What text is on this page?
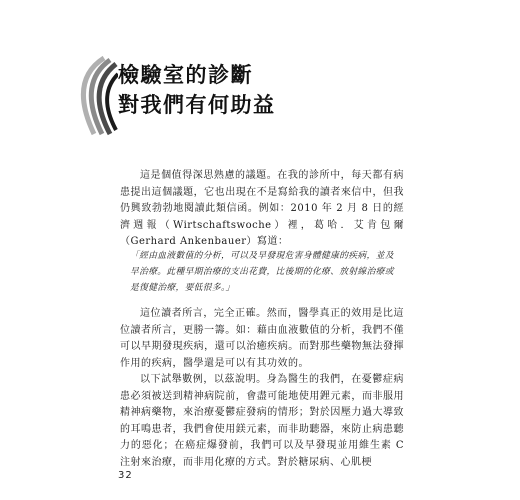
檢驗室的診斷
對我們有何助益

這是個值得深思熟慮的議題。在我的診所中，每天都有病患提出這個議題，它也出現在不是寫給我的讀者來信中，但我仍興致勃勃地閱讀此類信函。例如：2010 年 2 月 8 日的經濟週報（Wirtschaftswoche）裡，葛哈．艾肯包爾（Gerhard Ankenbauer）寫道：

「經由血液數值的分析，可以及早發現危害身體健康的疾病，並及早治療。此種早期治療的支出花費，比後期的化療、放射線治療或是復健治療，要低很多。」

這位讀者所言，完全正確。然而，醫學真正的效用是比這位讀者所言，更勝一籌。如：藉由血液數值的分析，我們不僅可以早期發現疾病，還可以治癒疾病。而對那些藥物無法發揮作用的疾病，醫學還是可以有其功效的。

以下試舉數例，以茲說明。身為醫生的我們，在憂鬱症病患必須被送到精神病院前，會盡可能地使用鋰元素，而非服用精神病藥物，來治療憂鬱症發病的情形；對於因壓力過大導致的耳鳴患者，我們會使用鎂元素，而非助聽器，來防止病患聽力的惡化；在癌症爆發前，我們可以及早發現並用維生素 C 注射來治療，而非用化療的方式。對於糖尿病、心肌梗

32
